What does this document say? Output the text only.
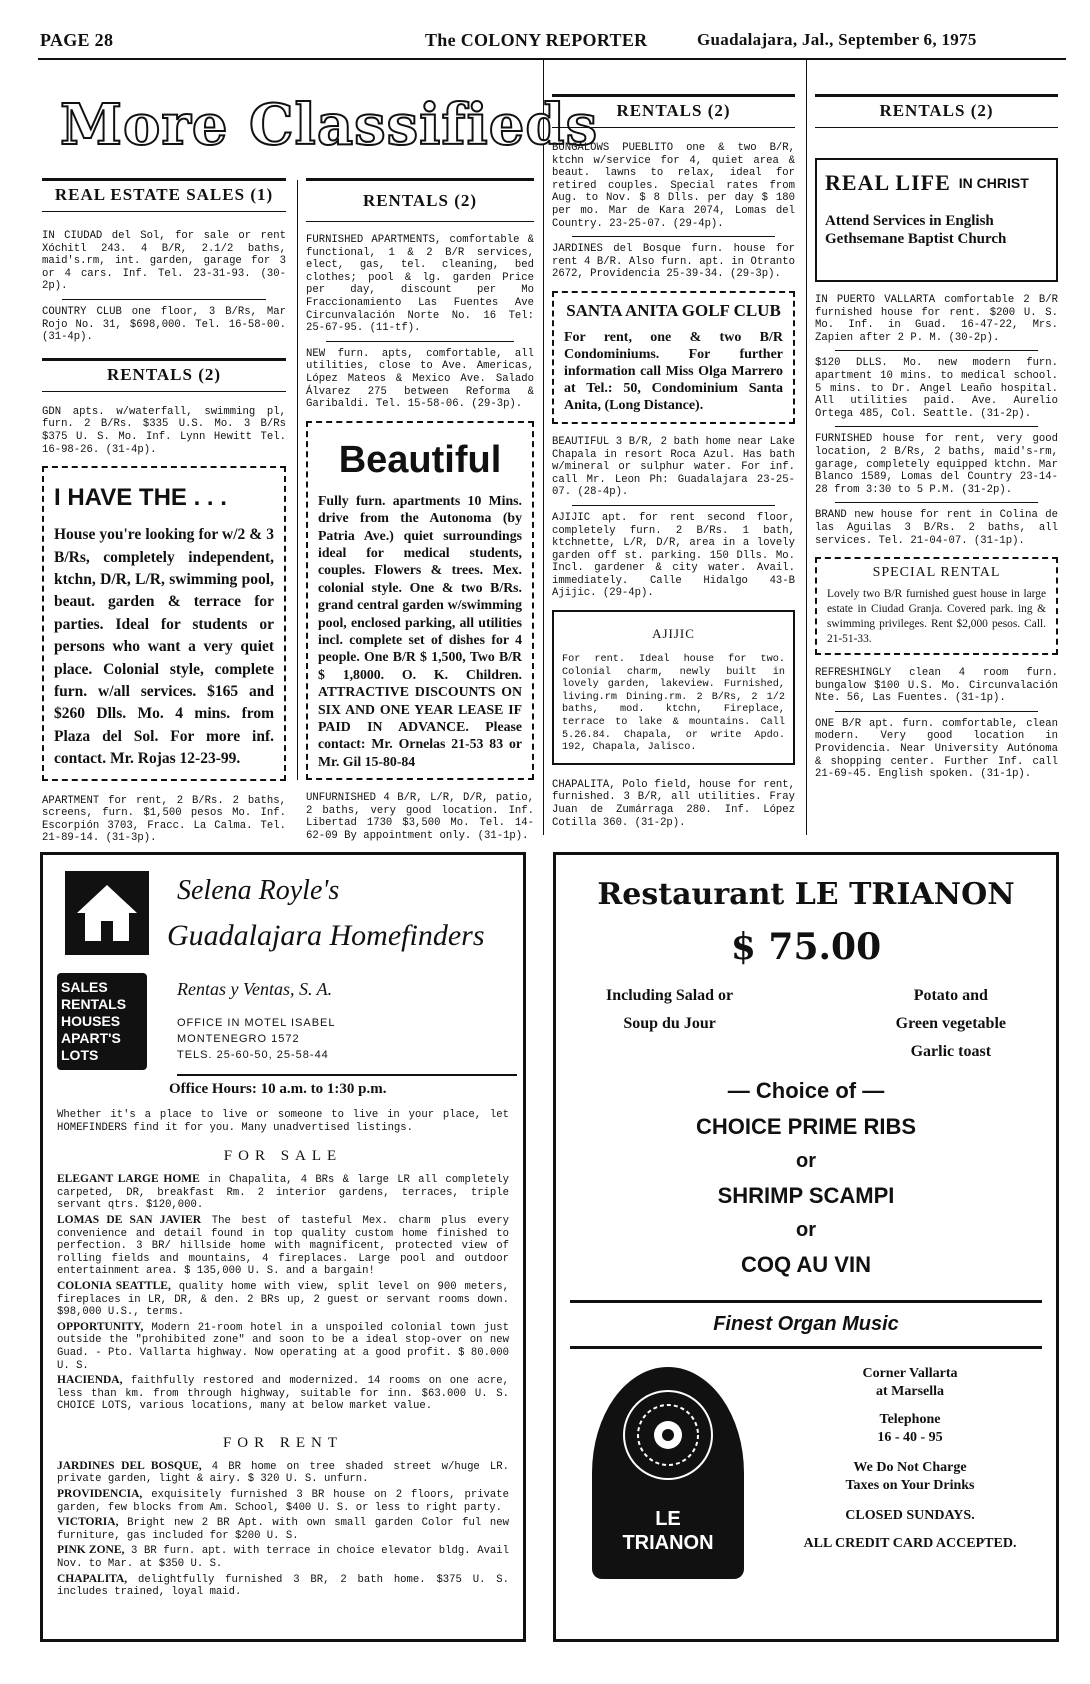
PAGE 28	The COLONY REPORTER	Guadalajara, Jal., September 6, 1975
More Classifieds
REAL ESTATE SALES (1)
IN CIUDAD del Sol, for sale or rent Xóchitl 243. 4 B/R, 2.1/2 baths, maid's.rm, int. garden, garage for 3 or 4 cars. Inf. Tel. 23-31-93. (30-2p).
COUNTRY CLUB one floor, 3 B/Rs, Mar Rojo No. 31, $698,000. Tel. 16-58-00. (31-4p).
RENTALS (2)
GDN apts. w/waterfall, swimming pl, furn. 2 B/Rs. $335 U.S. Mo. 3 B/Rs $375 U. S. Mo. Inf. Lynn Hewitt Tel. 16-98-26. (31-4p).
I HAVE THE . . .
House you're looking for w/2 & 3 B/Rs, completely independent, ktchn, D/R, L/R, swimming pool, beaut. garden & terrace for parties. Ideal for students or persons who want a very quiet place. Colonial style, complete furn. w/all services. $165 and $260 Dlls. Mo. 4 mins. from Plaza del Sol. For more inf. contact. Mr. Rojas 12-23-99.
APARTMENT for rent, 2 B/Rs. 2 baths, screens, furn. $1,500 pesos Mo. Inf. Escorpión 3703, Fracc. La Calma. Tel. 21-89-14. (31-3p).
RENTALS (2)
FURNISHED APARTMENTS, comfortable & functional, 1 & 2 B/R services, elect, gas, tel. cleaning, bed clothes; pool & lg. garden Price per day, discount per Mo Fraccionamiento Las Fuentes Ave Circunvalación Norte No. 16 Tel: 25-67-95. (11-tf).
NEW furn. apts, comfortable, all utilities, close to Ave. Americas, López Mateos & Mexico Ave. Salado Álvarez 275 between Reforma & Garibaldi. Tel. 15-58-06. (29-3p).
Beautiful
Fully furn. apartments 10 Mins. drive from the Autonoma (by Patria Ave.) quiet surroundings ideal for medical students, couples. Flowers & trees. Mex. colonial style. One & two B/Rs. grand central garden w/swimming pool, enclosed parking, all utilities incl. complete set of dishes for 4 people. One B/R $ 1,500, Two B/R $ 1,8000. O. K. Children. ATTRACTIVE DISCOUNTS ON SIX AND ONE YEAR LEASE IF PAID IN ADVANCE. Please contact: Mr. Ornelas 21-53 83 or Mr. Gil 15-80-84
UNFURNISHED 4 B/R, L/R, D/R, patio, 2 baths, very good location. Inf. Libertad 1730 $3,500 Mo. Tel. 14-62-09 By appointment only. (31-1p).
RENTALS (2)
BUNGALOWS PUEBLITO one & two B/R, ktchn w/service for 4, quiet area & beaut. lawns to relax, ideal for retired couples. Special rates from Aug. to Nov. $ 8 Dlls. per day $ 180 per mo. Mar de Kara 2074, Lomas del Country. 23-25-07. (29-4p).
JARDINES del Bosque furn. house for rent 4 B/R. Also furn. apt. in Otranto 2672, Providencia 25-39-34. (29-3p).
SANTA ANITA GOLF CLUB
For rent, one & two B/R Condominiums. For further information call Miss Olga Marrero at Tel.: 50, Condominium Santa Anita, (Long Distance).
BEAUTIFUL 3 B/R, 2 bath home near Lake Chapala in resort Roca Azul. Has bath w/mineral or sulphur water. For inf. call Mr. Leon Ph: Guadalajara 23-25-07. (28-4p).
AJIJIC apt. for rent second floor, completely furn. 2 B/Rs. 1 bath, ktchnette, L/R, D/R, area in a lovely garden off st. parking. 150 Dlls. Mo. Incl. gardener & city water. Avail. immediately. Calle Hidalgo 43-B Ajijic. (29-4p).
AJIJIC
For rent. Ideal house for two. Colonial charm, newly built in lovely garden, lakeview. Furnished, living.rm Dining.rm. 2 B/Rs, 2 1/2 baths, mod. ktchn, Fireplace, terrace to lake & mountains. Call 5.26.84. Chapala, or write Apdo. 192, Chapala, Jalisco.
CHAPALITA, Polo field, house for rent, furnished. 3 B/R, all utilities. Fray Juan de Zumárraga 280. Inf. López Cotilla 360. (31-2p).
RENTALS (2)
REAL LIFE IN CHRIST
Attend Services in English Gethsemane Baptist Church
IN PUERTO VALLARTA comfortable 2 B/R furnished house for rent. $200 U. S. Mo. Inf. in Guad. 16-47-22, Mrs. Zapien after 2 P. M. (30-2p).
$120 DLLS. Mo. new modern furn. apartment 10 mins. to medical school. 5 mins. to Dr. Angel Leaño hospital. All utilities paid. Ave. Aurelio Ortega 485, Col. Seattle. (31-2p).
FURNISHED house for rent, very good location, 2 B/Rs, 2 baths, maid's-rm, garage, completely equipped ktchn. Mar Blanco 1589, Lomas del Country 23-14-28 from 3:30 to 5 P.M. (31-2p).
BRAND new house for rent in Colina de las Aguilas 3 B/Rs. 2 baths, all services. Tel. 21-04-07. (31-1p).
SPECIAL RENTAL
Lovely two B/R furnished guest house in large estate in Ciudad Granja. Covered park. ing & swimming privileges. Rent $2,000 pesos. Call. 21-51-33.
REFRESHINGLY clean 4 room furn. bungalow $100 U.S. Mo. Circunvalación Nte. 56, Las Fuentes. (31-1p).
ONE B/R apt. furn. comfortable, clean modern. Very good location in Providencia. Near University Autónoma & shopping center. Further Inf. call 21-69-45. English spoken. (31-1p).
SALES
RENTALS
HOUSES
APART'S
LOTS
Selena Royle's
Guadalajara Homefinders
Rentas y Ventas, S. A.
OFFICE IN MOTEL ISABEL
MONTENEGRO 1572
TELS. 25-60-50, 25-58-44
Office Hours: 10 a.m. to 1:30 p.m.
Whether it's a place to live or someone to live in your place, let HOMEFINDERS find it for you. Many unadvertised listings.
FOR SALE
ELEGANT LARGE HOME in Chapalita, 4 BRs & large LR all completely carpeted, DR, breakfast Rm. 2 interior gardens, terraces, triple servant qtrs. $120,000.
LOMAS DE SAN JAVIER The best of tasteful Mex. charm plus every convenience and detail found in top quality custom home finished to perfection. 3 BR/ hillside home with magnificent, protected view of rolling fields and mountains, 4 fireplaces. Large pool and outdoor entertainment area. $ 135,000 U. S. and a bargain!
COLONIA SEATTLE, quality home with view, split level on 900 meters, fireplaces in LR, DR, & den. 2 BRs up, 2 guest or servant rooms down. $98,000 U.S., terms.
OPPORTUNITY, Modern 21-room hotel in a unspoiled colonial town just outside the "prohibited zone" and soon to be a ideal stop-over on new Guad. - Pto. Vallarta highway. Now operating at a good profit. $ 80.000 U. S.
HACIENDA, faithfully restored and modernized. 14 rooms on one acre, less than km. from through highway, suitable for inn. $63.000 U. S. CHOICE LOTS, various locations, many at below market value.
FOR RENT
JARDINES DEL BOSQUE, 4 BR home on tree shaded street w/huge LR. private garden, light & airy. $ 320 U. S. unfurn.
PROVIDENCIA, exquisitely furnished 3 BR house on 2 floors, private garden, few blocks from Am. School, $400 U. S. or less to right party.
VICTORIA, Bright new 2 BR Apt. with own small garden Color ful new furniture, gas included for $200 U. S.
PINK ZONE, 3 BR furn. apt. with terrace in choice elevator bldg. Avail Nov. to Mar. at $350 U. S.
CHAPALITA, delightfully furnished 3 BR, 2 bath home. $375 U. S. includes trained, loyal maid.
Restaurant LE TRIANON
$ 75.00
Including Salad or
Soup du Jour
Potato and
Green vegetable
Garlic toast
— Choice of —
CHOICE PRIME RIBS
or
SHRIMP SCAMPI
or
COQ AU VIN
Finest Organ Music
LE
TRIANON
Corner Vallarta
at Marsella
Telephone
16 - 40 - 95
We Do Not Charge
Taxes on Your Drinks
CLOSED SUNDAYS.
ALL CREDIT CARD ACCEPTED.
